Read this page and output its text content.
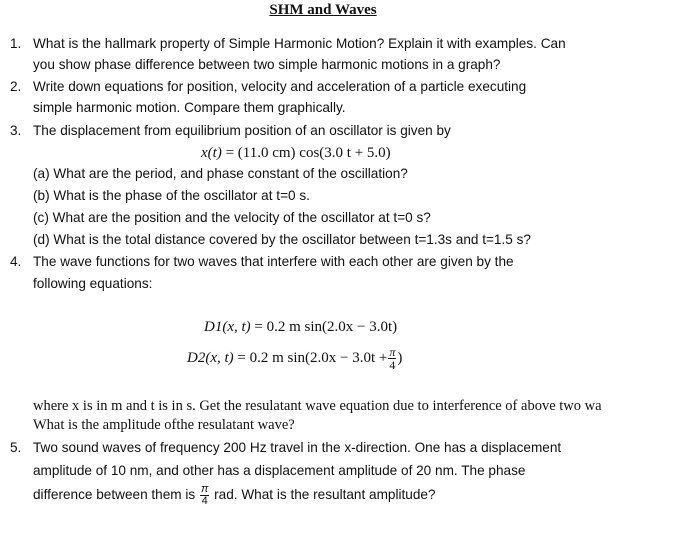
SHM and Waves
1. What is the hallmark property of Simple Harmonic Motion? Explain it with examples. Can
you show phase difference between two simple harmonic motions in a graph?
2. Write down equations for position, velocity and acceleration of a particle executing
simple harmonic motion. Compare them graphically.
3. The displacement from equilibrium position of an oscillator is given by
x(t) = (11.0 cm) cos(3.0 t + 5.0)
(a) What are the period, and phase constant of the oscillation?
(b) What is the phase of the oscillator at t=0 s.
(c) What are the position and the velocity of the oscillator at t=0 s?
(d) What is the total distance covered by the oscillator between t=1.3s and t=1.5 s?
4. The wave functions for two waves that interfere with each other are given by the
following equations:
D1(x, t) = 0.2 m sin(2.0x − 3.0t)
D2(x, t) = 0.2 m $\sin(2.0x - 3.0t + \frac{\pi}{4}$ )
where x is in m and t is in s. Get the resulatant wave equation due to interference of above two wa
What is the amplitude ofthe resulatant wave?
5. Two sound waves of frequency 200 Hz travel in the x-direction. One has a displacement
amplitude of 10 nm, and other has a displacement amplitude of 20 nm. The phase
difference between them is $\frac{\pi}{4}$ rad. What is the resultant amplitude?
